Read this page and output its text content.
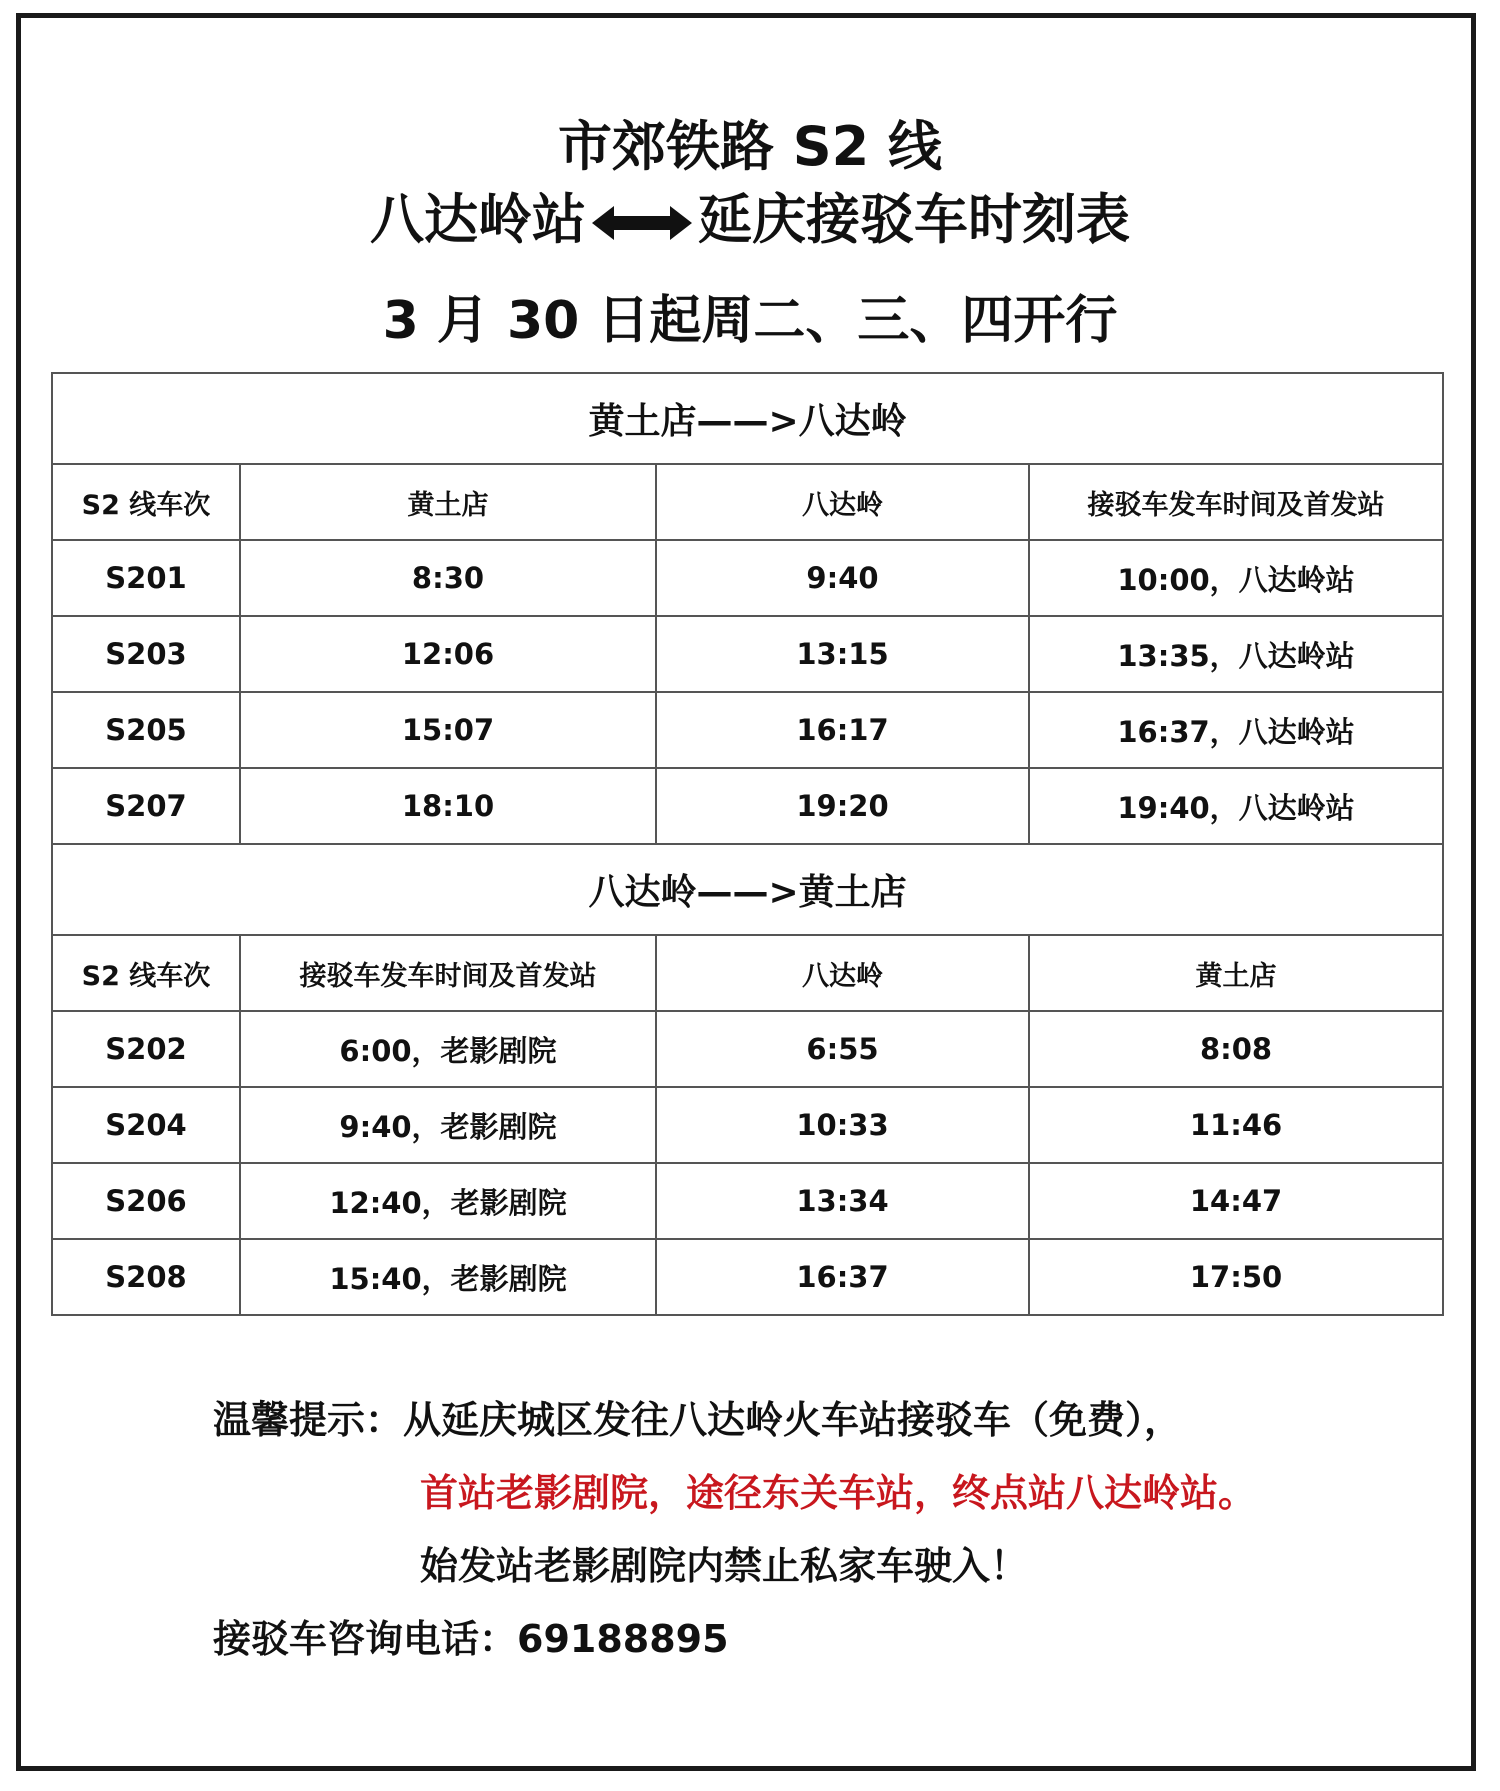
市郊铁路 S2 线
八达岭站 延庆接驳车时刻表
3 月 30 日起周二、三、四开行
黄土店——>八达岭			
S2 线车次	黄土店	八达岭	接驳车发车时间及首发站
S201	8:30	9:40	10:00，八达岭站
S203	12:06	13:15	13:35，八达岭站
S205	15:07	16:17	16:37，八达岭站
S207	18:10	19:20	19:40，八达岭站
八达岭——>黄土店			
S2 线车次	接驳车发车时间及首发站	八达岭	黄土店
S202	6:00，老影剧院	6:55	8:08
S204	9:40，老影剧院	10:33	11:46
S206	12:40，老影剧院	13:34	14:47
S208	15:40，老影剧院	16:37	17:50
温馨提示：从延庆城区发往八达岭火车站接驳车（免费），
首站老影剧院，途径东关车站，终点站八达岭站。
始发站老影剧院内禁止私家车驶入！
接驳车咨询电话：69188895
